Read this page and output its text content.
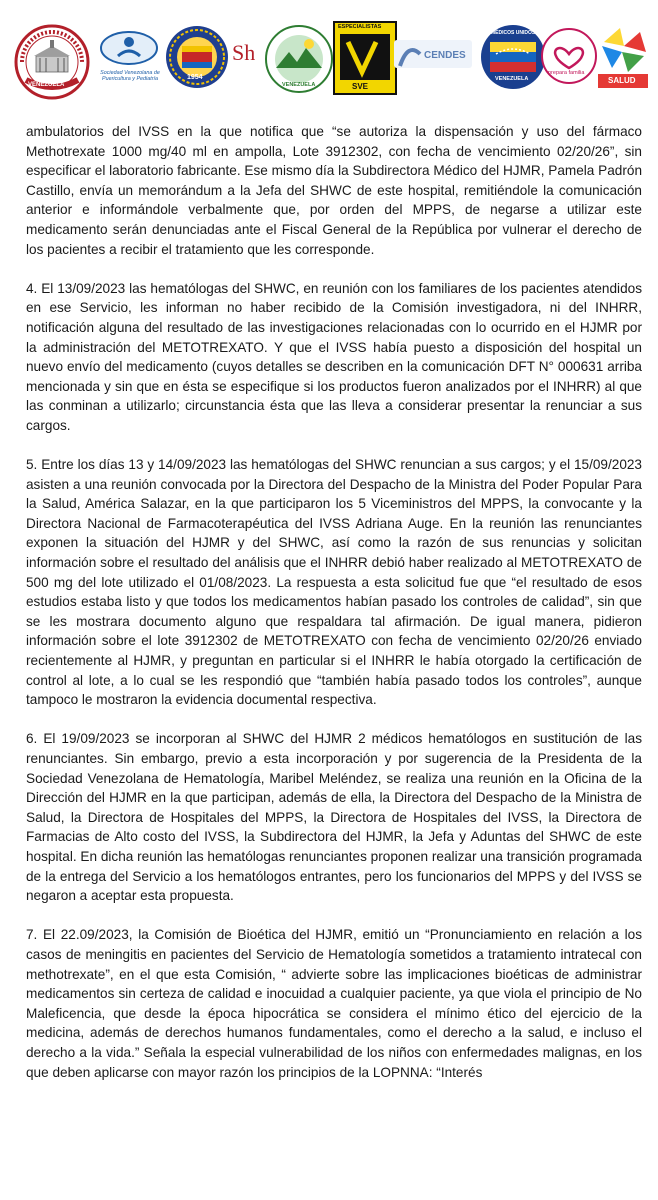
VENEZUELA
Sociedad Venezolana de Puericultura y Pediatría	1954
Sh
VENEZUELA
ESPECIALISTAS
SVE
CENDES
MÉDICOS UNIDOS
VENEZUELA
prepara familia
SALUD

ambulatorios del IVSS en la que notifica que “se autoriza la dispensación y uso del fármaco Methotrexate 1000 mg/40 ml en ampolla, Lote 3912302, con fecha de vencimiento 02/20/26”, sin especificar el laboratorio fabricante. Ese mismo día la Subdirectora Médico del HJMR, Pamela Padrón Castillo, envía un memorándum a la Jefa del SHWC de este hospital, remitiéndole la comunicación anterior e informándole verbalmente que, por orden del MPPS, de negarse a utilizar este medicamento serán denunciadas ante el Fiscal General de la República por vulnerar el derecho de los pacientes a recibir el tratamiento que les corresponde.

4. El 13/09/2023 las hematólogas del SHWC, en reunión con los familiares de los pacientes atendidos en ese Servicio, les informan no haber recibido de la Comisión investigadora, ni del INHRR, notificación alguna del resultado de las investigaciones relacionadas con lo ocurrido en el HJMR por la administración del METOTREXATO. Y que el IVSS había puesto a disposición del hospital un nuevo envío del medicamento (cuyos detalles se describen en la comunicación DFT N° 000631 arriba mencionada y sin que en ésta se especifique si los productos fueron analizados por el INHRR) al que las conminan a utilizarlo; circunstancia ésta que las lleva a considerar presentar la renunciar a sus cargos.

5. Entre los días 13 y 14/09/2023 las hematólogas del SHWC renuncian a sus cargos; y el 15/09/2023 asisten a una reunión convocada por la Directora del Despacho de la Ministra del Poder Popular Para la Salud, América Salazar, en la que participaron los 5 Viceministros del MPPS, la convocante y la Directora Nacional de Farmacoterapéutica del IVSS Adriana Auge. En la reunión las renunciantes exponen la situación del HJMR y del SHWC, así como la razón de sus renuncias y solicitan información sobre el resultado del análisis que el INHRR debió haber realizado al METOTREXATO de 500 mg del lote utilizado el 01/08/2023. La respuesta a esta solicitud fue que “el resultado de esos estudios estaba listo y que todos los medicamentos habían pasado los controles de calidad”, sin que se les mostrara documento alguno que respaldara tal afirmación. De igual manera, pidieron información sobre el lote 3912302 de METOTREXATO con fecha de vencimiento 02/20/26 enviado recientemente al HJMR, y preguntan en particular si el INHRR le había otorgado la certificación de control al lote, a lo cual se les respondió que “también había pasado todos los controles”, aunque tampoco le mostraron la evidencia documental respectiva.

6. El 19/09/2023 se incorporan al SHWC del HJMR 2 médicos hematólogos en sustitución de las renunciantes. Sin embargo, previo a esta incorporación y por sugerencia de la Presidenta de la Sociedad Venezolana de Hematología, Maribel Meléndez, se realiza una reunión en la Oficina de la Dirección del HJMR en la que participan, además de ella, la Directora del Despacho de la Ministra de Salud, la Directora de Hospitales del MPPS, la Directora de Hospitales del IVSS, la Directora de Farmacias de Alto costo del IVSS, la Subdirectora del HJMR, la Jefa y Aduntas del SHWC de este hospital. En dicha reunión las hematólogas renunciantes proponen realizar una transición programada de la entrega del Servicio a los hematólogos entrantes, pero los funcionarios del MPPS y del IVSS se negaron a aceptar esta propuesta.

7. El 22.09/2023, la Comisión de Bioética del HJMR, emitió un “Pronunciamiento en relación a los casos de meningitis en pacientes del Servicio de Hematología sometidos a tratamiento intratecal con methotrexate”, en el que esta Comisión, “ advierte sobre las implicaciones bioéticas de administrar medicamentos sin certeza de calidad e inocuidad a cualquier paciente, ya que viola el principio de No Maleficencia, que desde la época hipocrática se considera el mínimo ético del ejercicio de la medicina, además de derechos humanos fundamentales, como el derecho a la salud, e incluso el derecho a la vida.” Señala la especial vulnerabilidad de los niños con enfermedades malignas, en los que deben aplicarse con mayor razón los principios de la LOPNNA: “Interés
